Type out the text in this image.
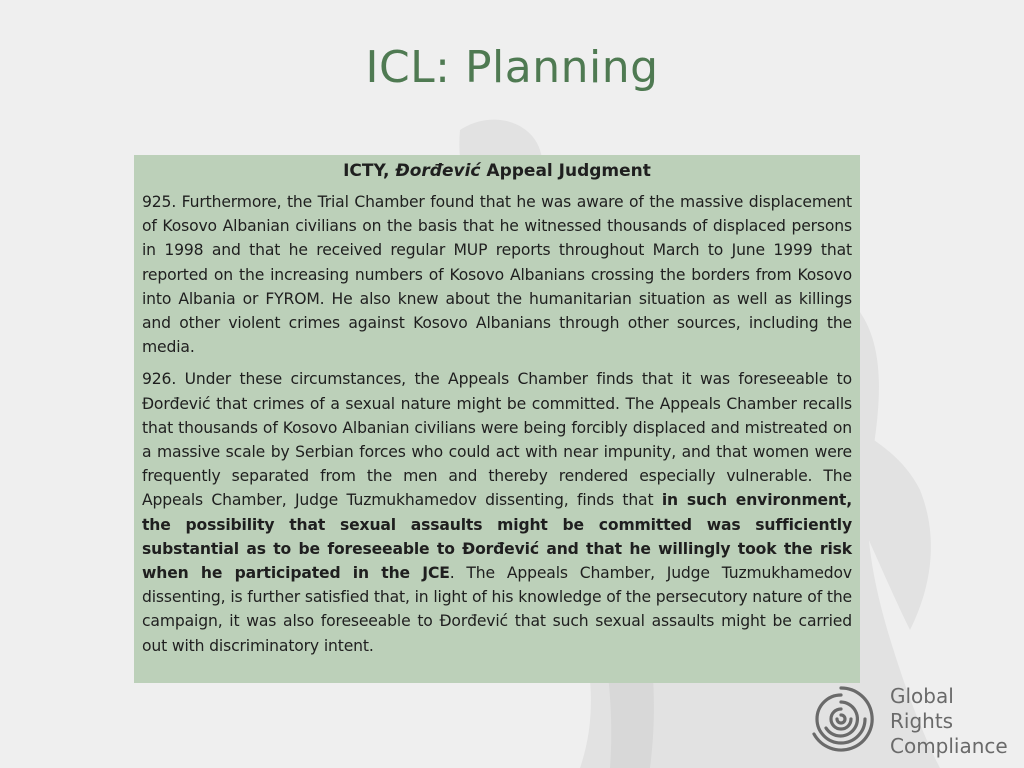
ICL: Planning
ICTY, Đorđević Appeal Judgment

925. Furthermore, the Trial Chamber found that he was aware of the massive displacement of Kosovo Albanian civilians on the basis that he witnessed thousands of displaced persons in 1998 and that he received regular MUP reports throughout March to June 1999 that reported on the increasing numbers of Kosovo Albanians crossing the borders from Kosovo into Albania or FYROM. He also knew about the humanitarian situation as well as killings and other violent crimes against Kosovo Albanians through other sources, including the media.

926. Under these circumstances, the Appeals Chamber finds that it was foreseeable to Đorđević that crimes of a sexual nature might be committed. The Appeals Chamber recalls that thousands of Kosovo Albanian civilians were being forcibly displaced and mistreated on a massive scale by Serbian forces who could act with near impunity, and that women were frequently separated from the men and thereby rendered especially vulnerable. The Appeals Chamber, Judge Tuzmukhamedov dissenting, finds that in such environment, the possibility that sexual assaults might be committed was sufficiently substantial as to be foreseeable to Đorđević and that he willingly took the risk when he participated in the JCE. The Appeals Chamber, Judge Tuzmukhamedov dissenting, is further satisfied that, in light of his knowledge of the persecutory nature of the campaign, it was also foreseeable to Đorđević that such sexual assaults might be carried out with discriminatory intent.

Global
Rights
Compliance
